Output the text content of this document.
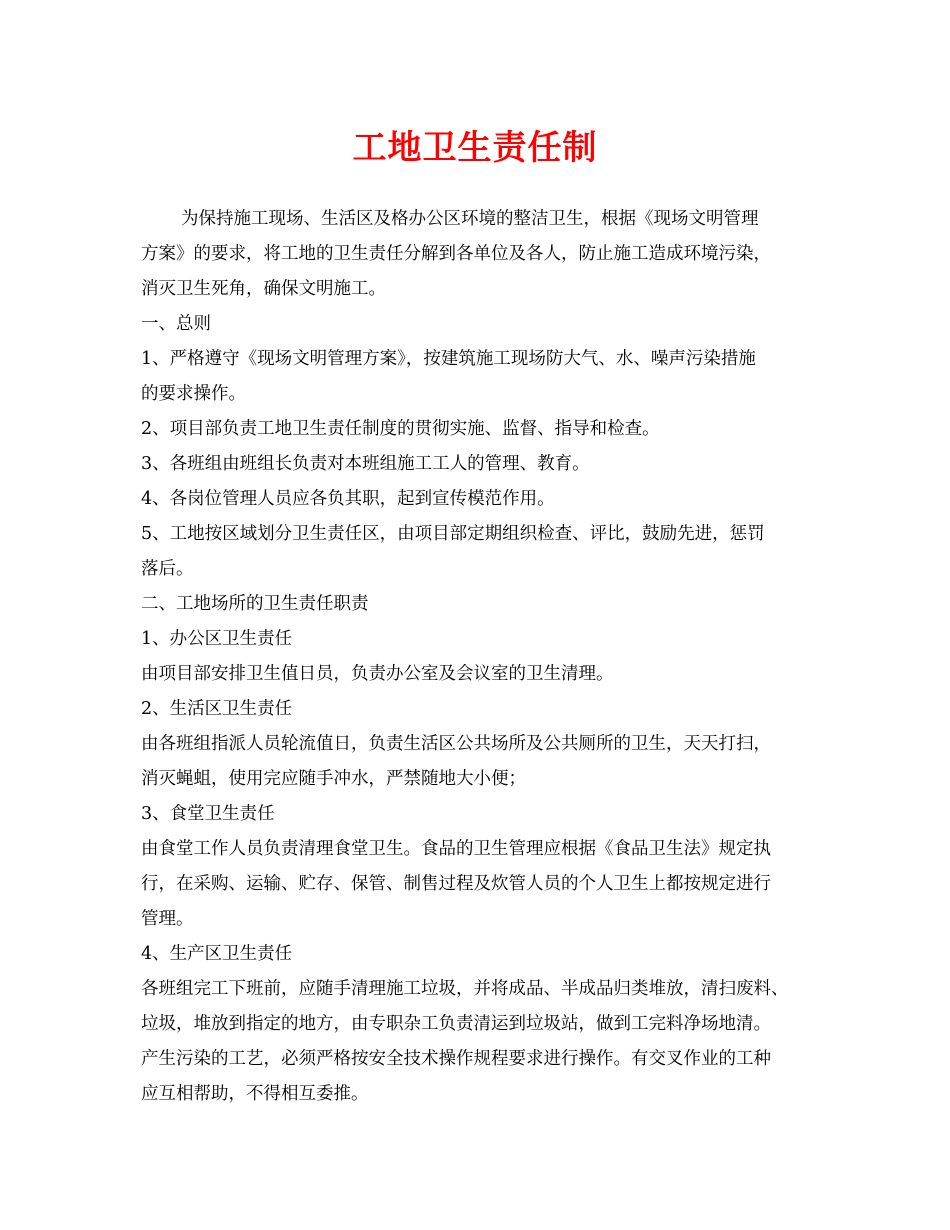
工地卫生责任制
为保持施工现场、生活区及格办公区环境的整洁卫生，根据《现场文明管理
方案》的要求，将工地的卫生责任分解到各单位及各人，防止施工造成环境污染，
消灭卫生死角，确保文明施工。
一、总则
1、严格遵守《现场文明管理方案》，按建筑施工现场防大气、水、噪声污染措施
的要求操作。
2、项目部负责工地卫生责任制度的贯彻实施、监督、指导和检查。
3、各班组由班组长负责对本班组施工工人的管理、教育。
4、各岗位管理人员应各负其职，起到宣传模范作用。
5、工地按区域划分卫生责任区，由项目部定期组织检查、评比，鼓励先进，惩罚
落后。
二、工地场所的卫生责任职责
1、办公区卫生责任
由项目部安排卫生值日员，负责办公室及会议室的卫生清理。
2、生活区卫生责任
由各班组指派人员轮流值日，负责生活区公共场所及公共厕所的卫生，天天打扫，
消灭蝇蛆，使用完应随手冲水，严禁随地大小便；
3、食堂卫生责任
由食堂工作人员负责清理食堂卫生。食品的卫生管理应根据《食品卫生法》规定执
行，在采购、运输、贮存、保管、制售过程及炊管人员的个人卫生上都按规定进行
管理。
4、生产区卫生责任
各班组完工下班前，应随手清理施工垃圾，并将成品、半成品归类堆放，清扫废料、
垃圾，堆放到指定的地方，由专职杂工负责清运到垃圾站，做到工完料净场地清。
产生污染的工艺，必须严格按安全技术操作规程要求进行操作。有交叉作业的工种
应互相帮助，不得相互委推。
